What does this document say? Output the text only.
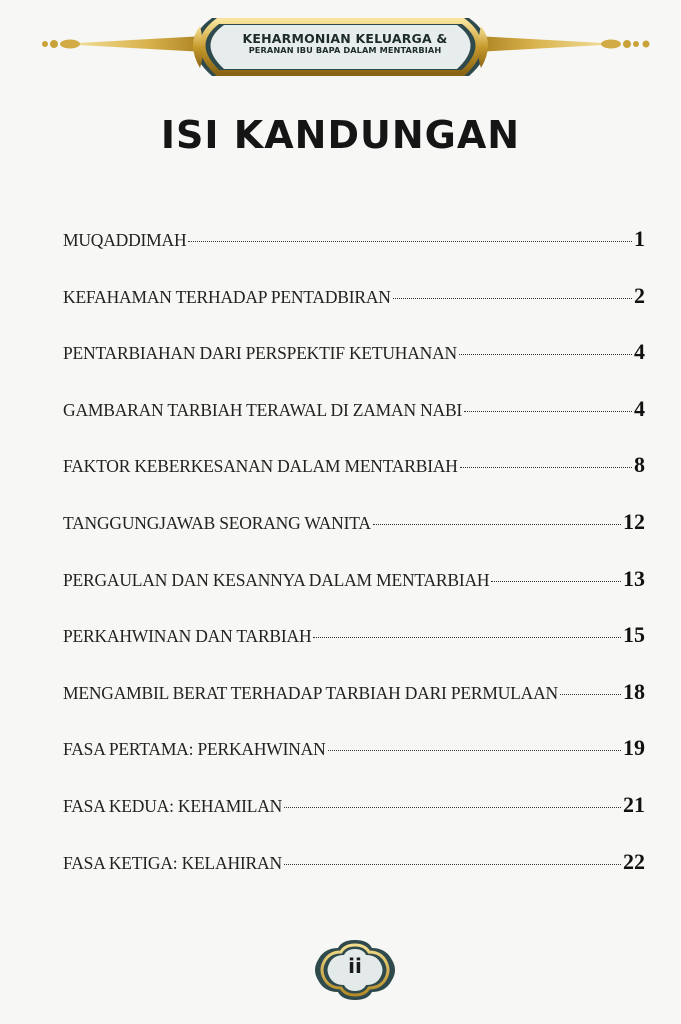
KEHARMONIAN KELUARGA &
PERANAN IBU BAPA DALAM MENTARBIAH
ISI KANDUNGAN
MUQADDIMAH	1
KEFAHAMAN TERHADAP PENTADBIRAN	2
PENTARBIAHAN DARI PERSPEKTIF KETUHANAN	4
GAMBARAN TARBIAH TERAWAL DI ZAMAN NABI	4
FAKTOR KEBERKESANAN DALAM MENTARBIAH	8
TANGGUNGJAWAB SEORANG WANITA	12
PERGAULAN DAN KESANNYA DALAM MENTARBIAH	13
PERKAHWINAN DAN TARBIAH	15
MENGAMBIL BERAT TERHADAP TARBIAH DARI PERMULAAN	18
FASA PERTAMA: PERKAHWINAN	19
FASA KEDUA: KEHAMILAN	21
FASA KETIGA: KELAHIRAN	22
ii
